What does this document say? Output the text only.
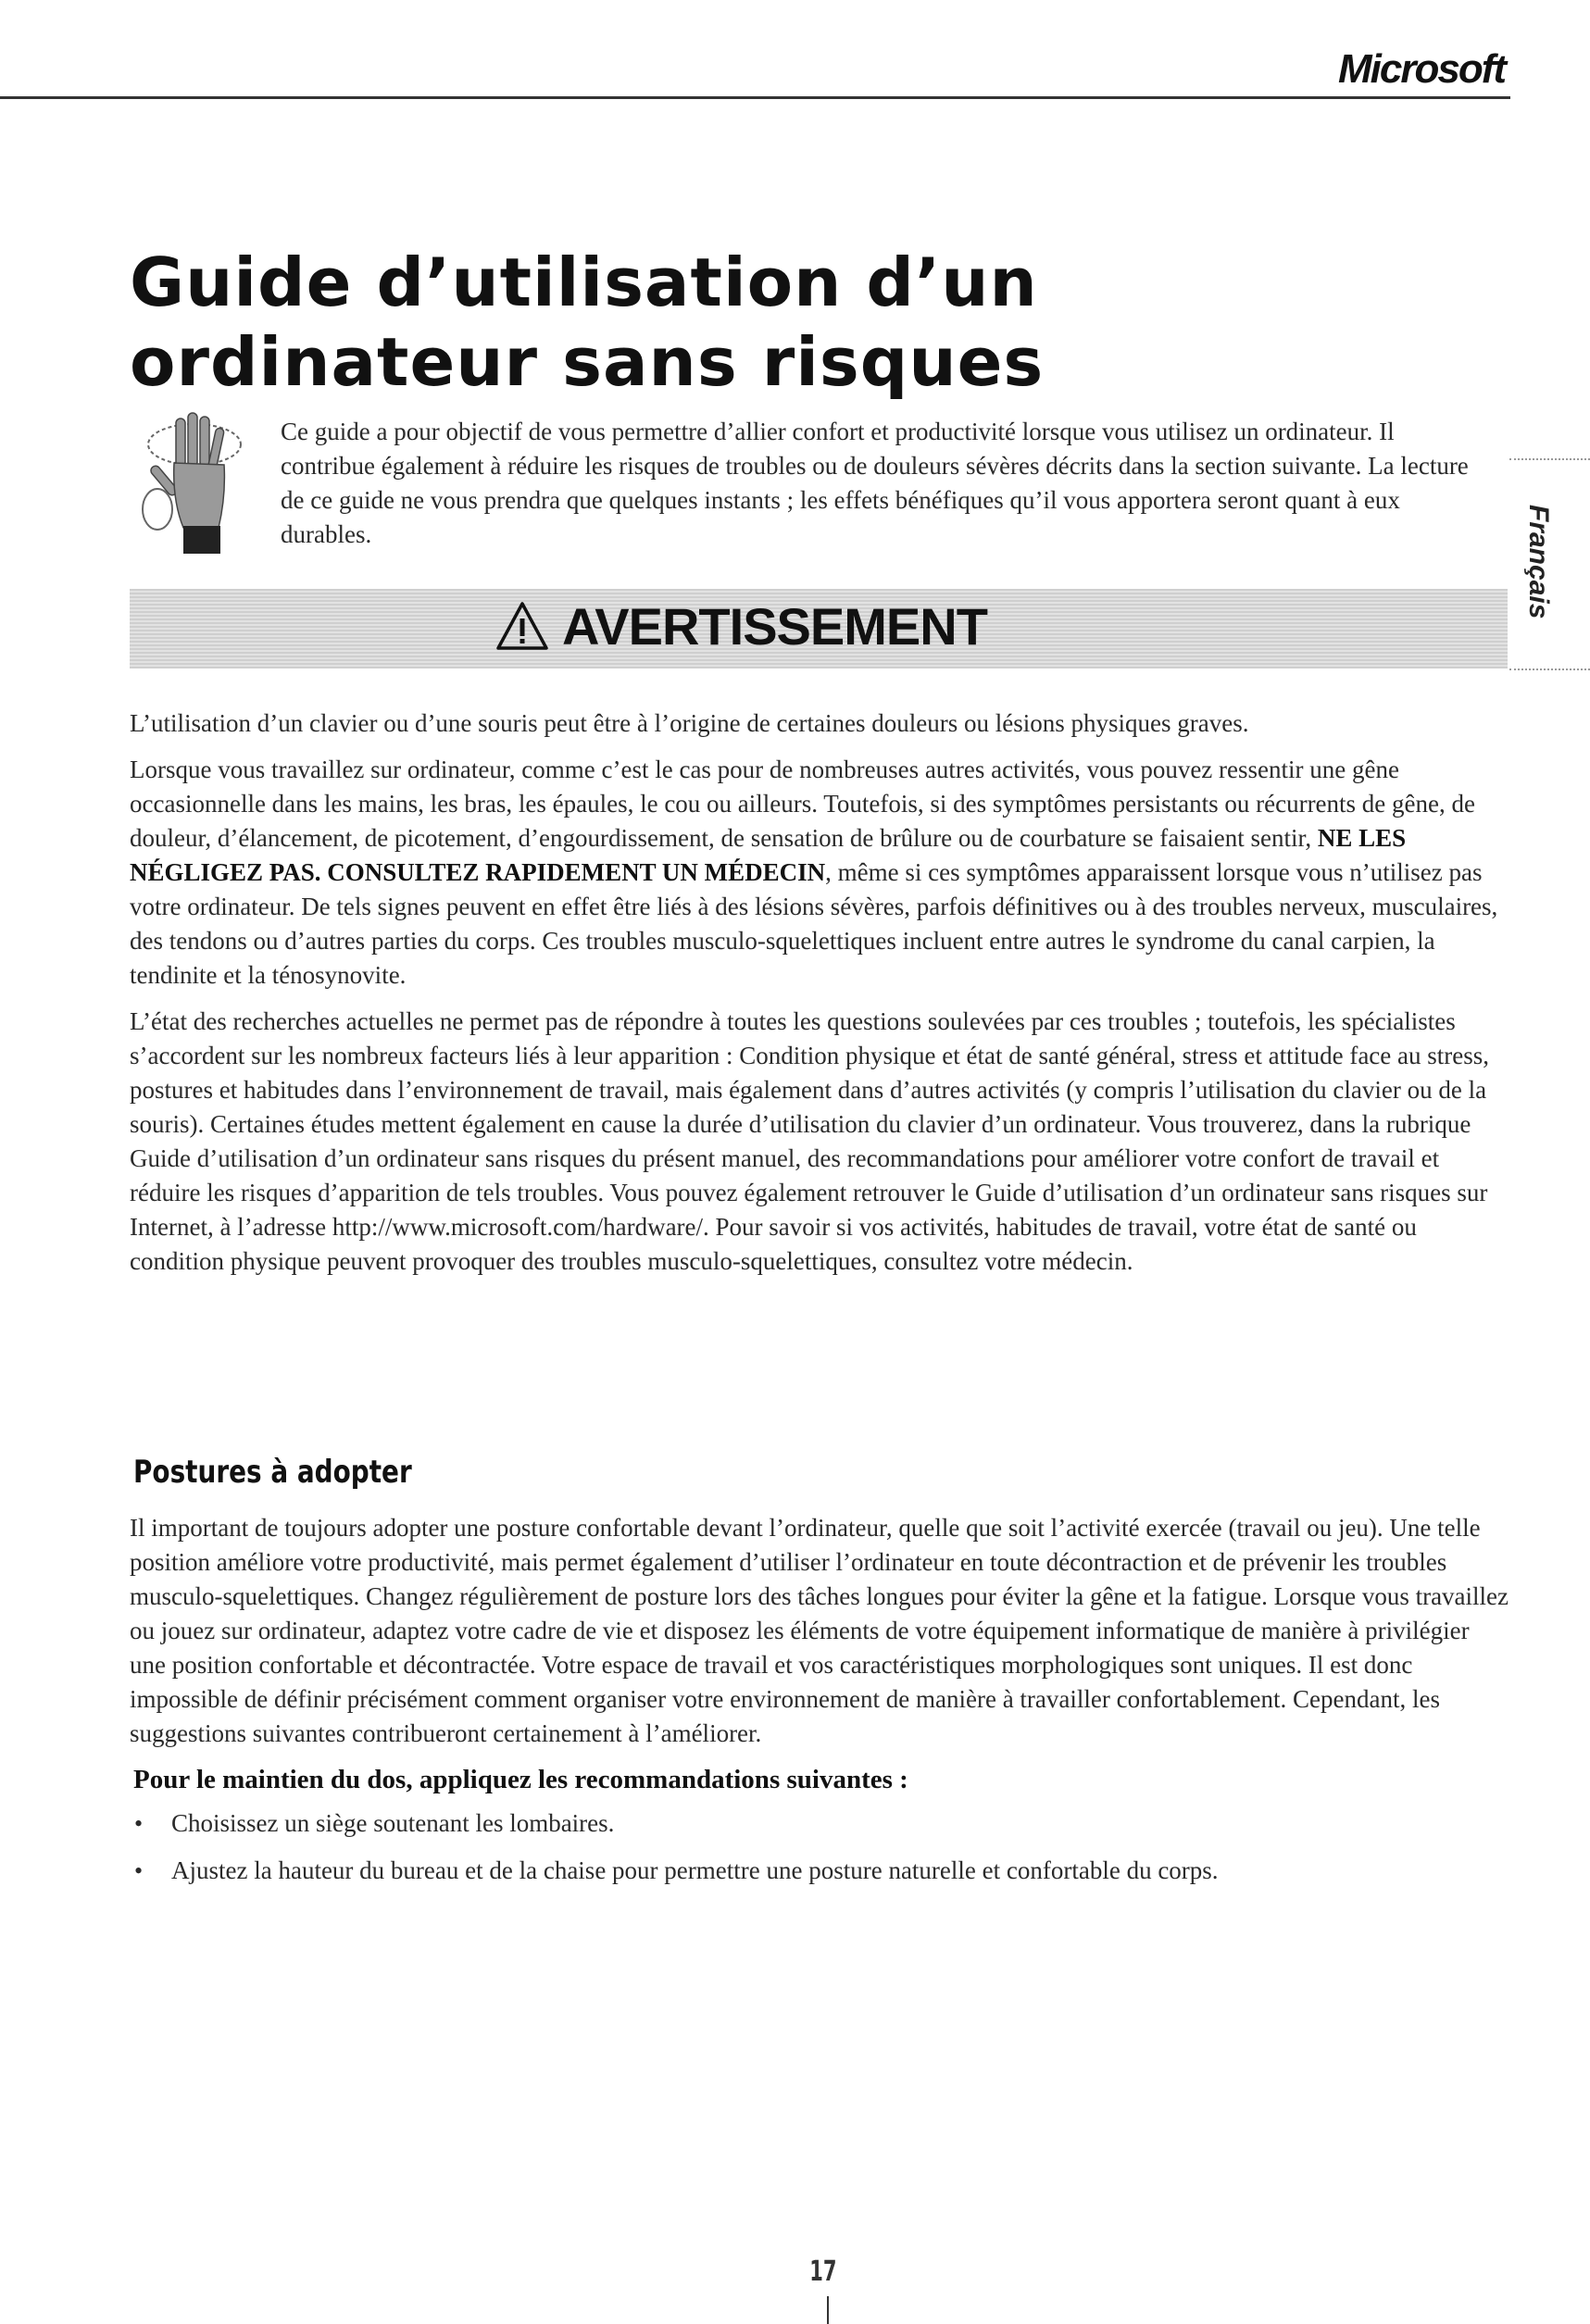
Microsoft
Guide d’utilisation d’un ordinateur sans risques

Ce guide a pour objectif de vous permettre d’allier confort et productivité lorsque vous utilisez un ordinateur. Il contribue également à réduire les risques de troubles ou de douleurs sévères décrits dans la section suivante. La lecture de ce guide ne vous prendra que quelques instants ; les effets bénéfiques qu’il vous apportera seront quant à eux durables.	Français
AVERTISSEMENT

L’utilisation d’un clavier ou d’une souris peut être à l’origine de certaines douleurs ou lésions physiques graves.

Lorsque vous travaillez sur ordinateur, comme c’est le cas pour de nombreuses autres activités, vous pouvez ressentir une gêne occasionnelle dans les mains, les bras, les épaules, le cou ou ailleurs. Toutefois, si des symptômes persistants ou récurrents de gêne, de douleur, d’élancement, de picotement, d’engourdissement, de sensation de brûlure ou de courbature se faisaient sentir, NE LES NÉGLIGEZ PAS. CONSULTEZ RAPIDEMENT UN MÉDECIN, même si ces symptômes apparaissent lorsque vous n’utilisez pas votre ordinateur. De tels signes peuvent en effet être liés à des lésions sévères, parfois définitives ou à des troubles nerveux, musculaires, des tendons ou d’autres parties du corps. Ces troubles musculo-squelettiques incluent entre autres le syndrome du canal carpien, la tendinite et la ténosynovite.

L’état des recherches actuelles ne permet pas de répondre à toutes les questions soulevées par ces troubles ; toutefois, les spécialistes s’accordent sur les nombreux facteurs liés à leur apparition : Condition physique et état de santé général, stress et attitude face au stress, postures et habitudes dans l’environnement de travail, mais également dans d’autres activités (y compris l’utilisation du clavier ou de la souris). Certaines études mettent également en cause la durée d’utilisation du clavier d’un ordinateur. Vous trouverez, dans la rubrique Guide d’utilisation d’un ordinateur sans risques du présent manuel, des recommandations pour améliorer votre confort de travail et réduire les risques d’apparition de tels troubles. Vous pouvez également retrouver le Guide d’utilisation d’un ordinateur sans risques sur Internet, à l’adresse http://www.microsoft.com/hardware/. Pour savoir si vos activités, habitudes de travail, votre état de santé ou condition physique peuvent provoquer des troubles musculo-squelettiques, consultez votre médecin.

Postures à adopter

Il important de toujours adopter une posture confortable devant l’ordinateur, quelle que soit l’activité exercée (travail ou jeu). Une telle position améliore votre productivité, mais permet également d’utiliser l’ordinateur en toute décontraction et de prévenir les troubles musculo-squelettiques. Changez régulièrement de posture lors des tâches longues pour éviter la gêne et la fatigue. Lorsque vous travaillez ou jouez sur ordinateur, adaptez votre cadre de vie et disposez les éléments de votre équipement informatique de manière à privilégier une position confortable et décontractée. Votre espace de travail et vos caractéristiques morphologiques sont uniques. Il est donc impossible de définir précisément comment organiser votre environnement de manière à travailler confortablement. Cependant, les suggestions suivantes contribueront certainement à l’améliorer.

Pour le maintien du dos, appliquez les recommandations suivantes :

• Choisissez un siège soutenant les lombaires.
• Ajustez la hauteur du bureau et de la chaise pour permettre une posture naturelle et confortable du corps.
17
